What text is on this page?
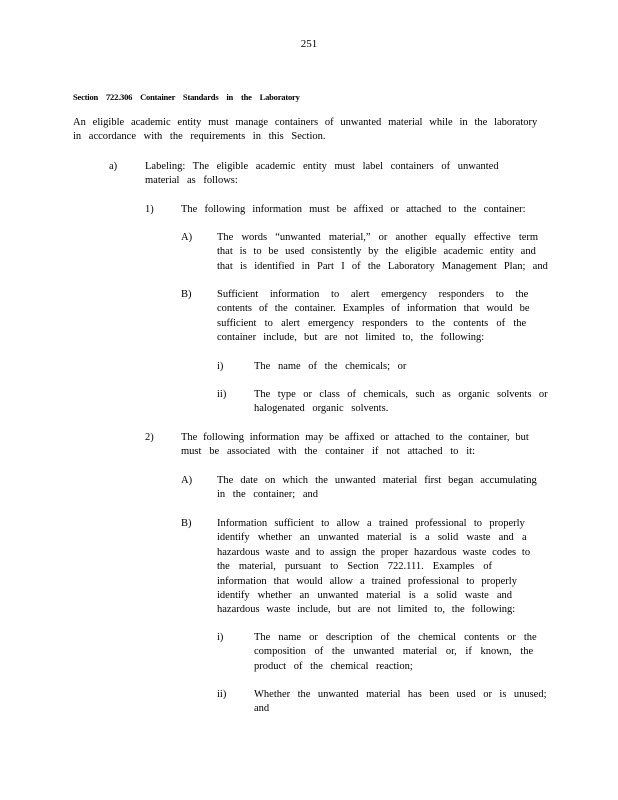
251
Section 722.306 Container Standards in the Laboratory
An eligible academic entity must manage containers of unwanted material while in the laboratory
in accordance with the requirements in this Section.
a)	Labeling: The eligible academic entity must label containers of unwanted
material as follows:
1)	The following information must be affixed or attached to the container:
A) The words “unwanted material,” or another equally effective term
that is to be used consistently by the eligible academic entity and
that is identified in Part I of the Laboratory Management Plan; and
B) Sufficient information to alert emergency responders to the
contents of the container. Examples of information that would be
sufficient to alert emergency responders to the contents of the
container include, but are not limited to, the following:
i)	The name of the chemicals; or
ii)	The type or class of chemicals, such as organic solvents or
halogenated organic solvents.
2)	The following information may be affixed or attached to the container, but
must be associated with the container if not attached to it:
A) The date on which the unwanted material first began accumulating
in the container; and
B) Information sufficient to allow a trained professional to properly
identify whether an unwanted material is a solid waste and a
hazardous waste and to assign the proper hazardous waste codes to
the material, pursuant to Section 722.111. Examples of
information that would allow a trained professional to properly
identify whether an unwanted material is a solid waste and
hazardous waste include, but are not limited to, the following:
i)	The name or description of the chemical contents or the
composition of the unwanted material or, if known, the
product of the chemical reaction;
ii)	Whether the unwanted material has been used or is unused;
and
